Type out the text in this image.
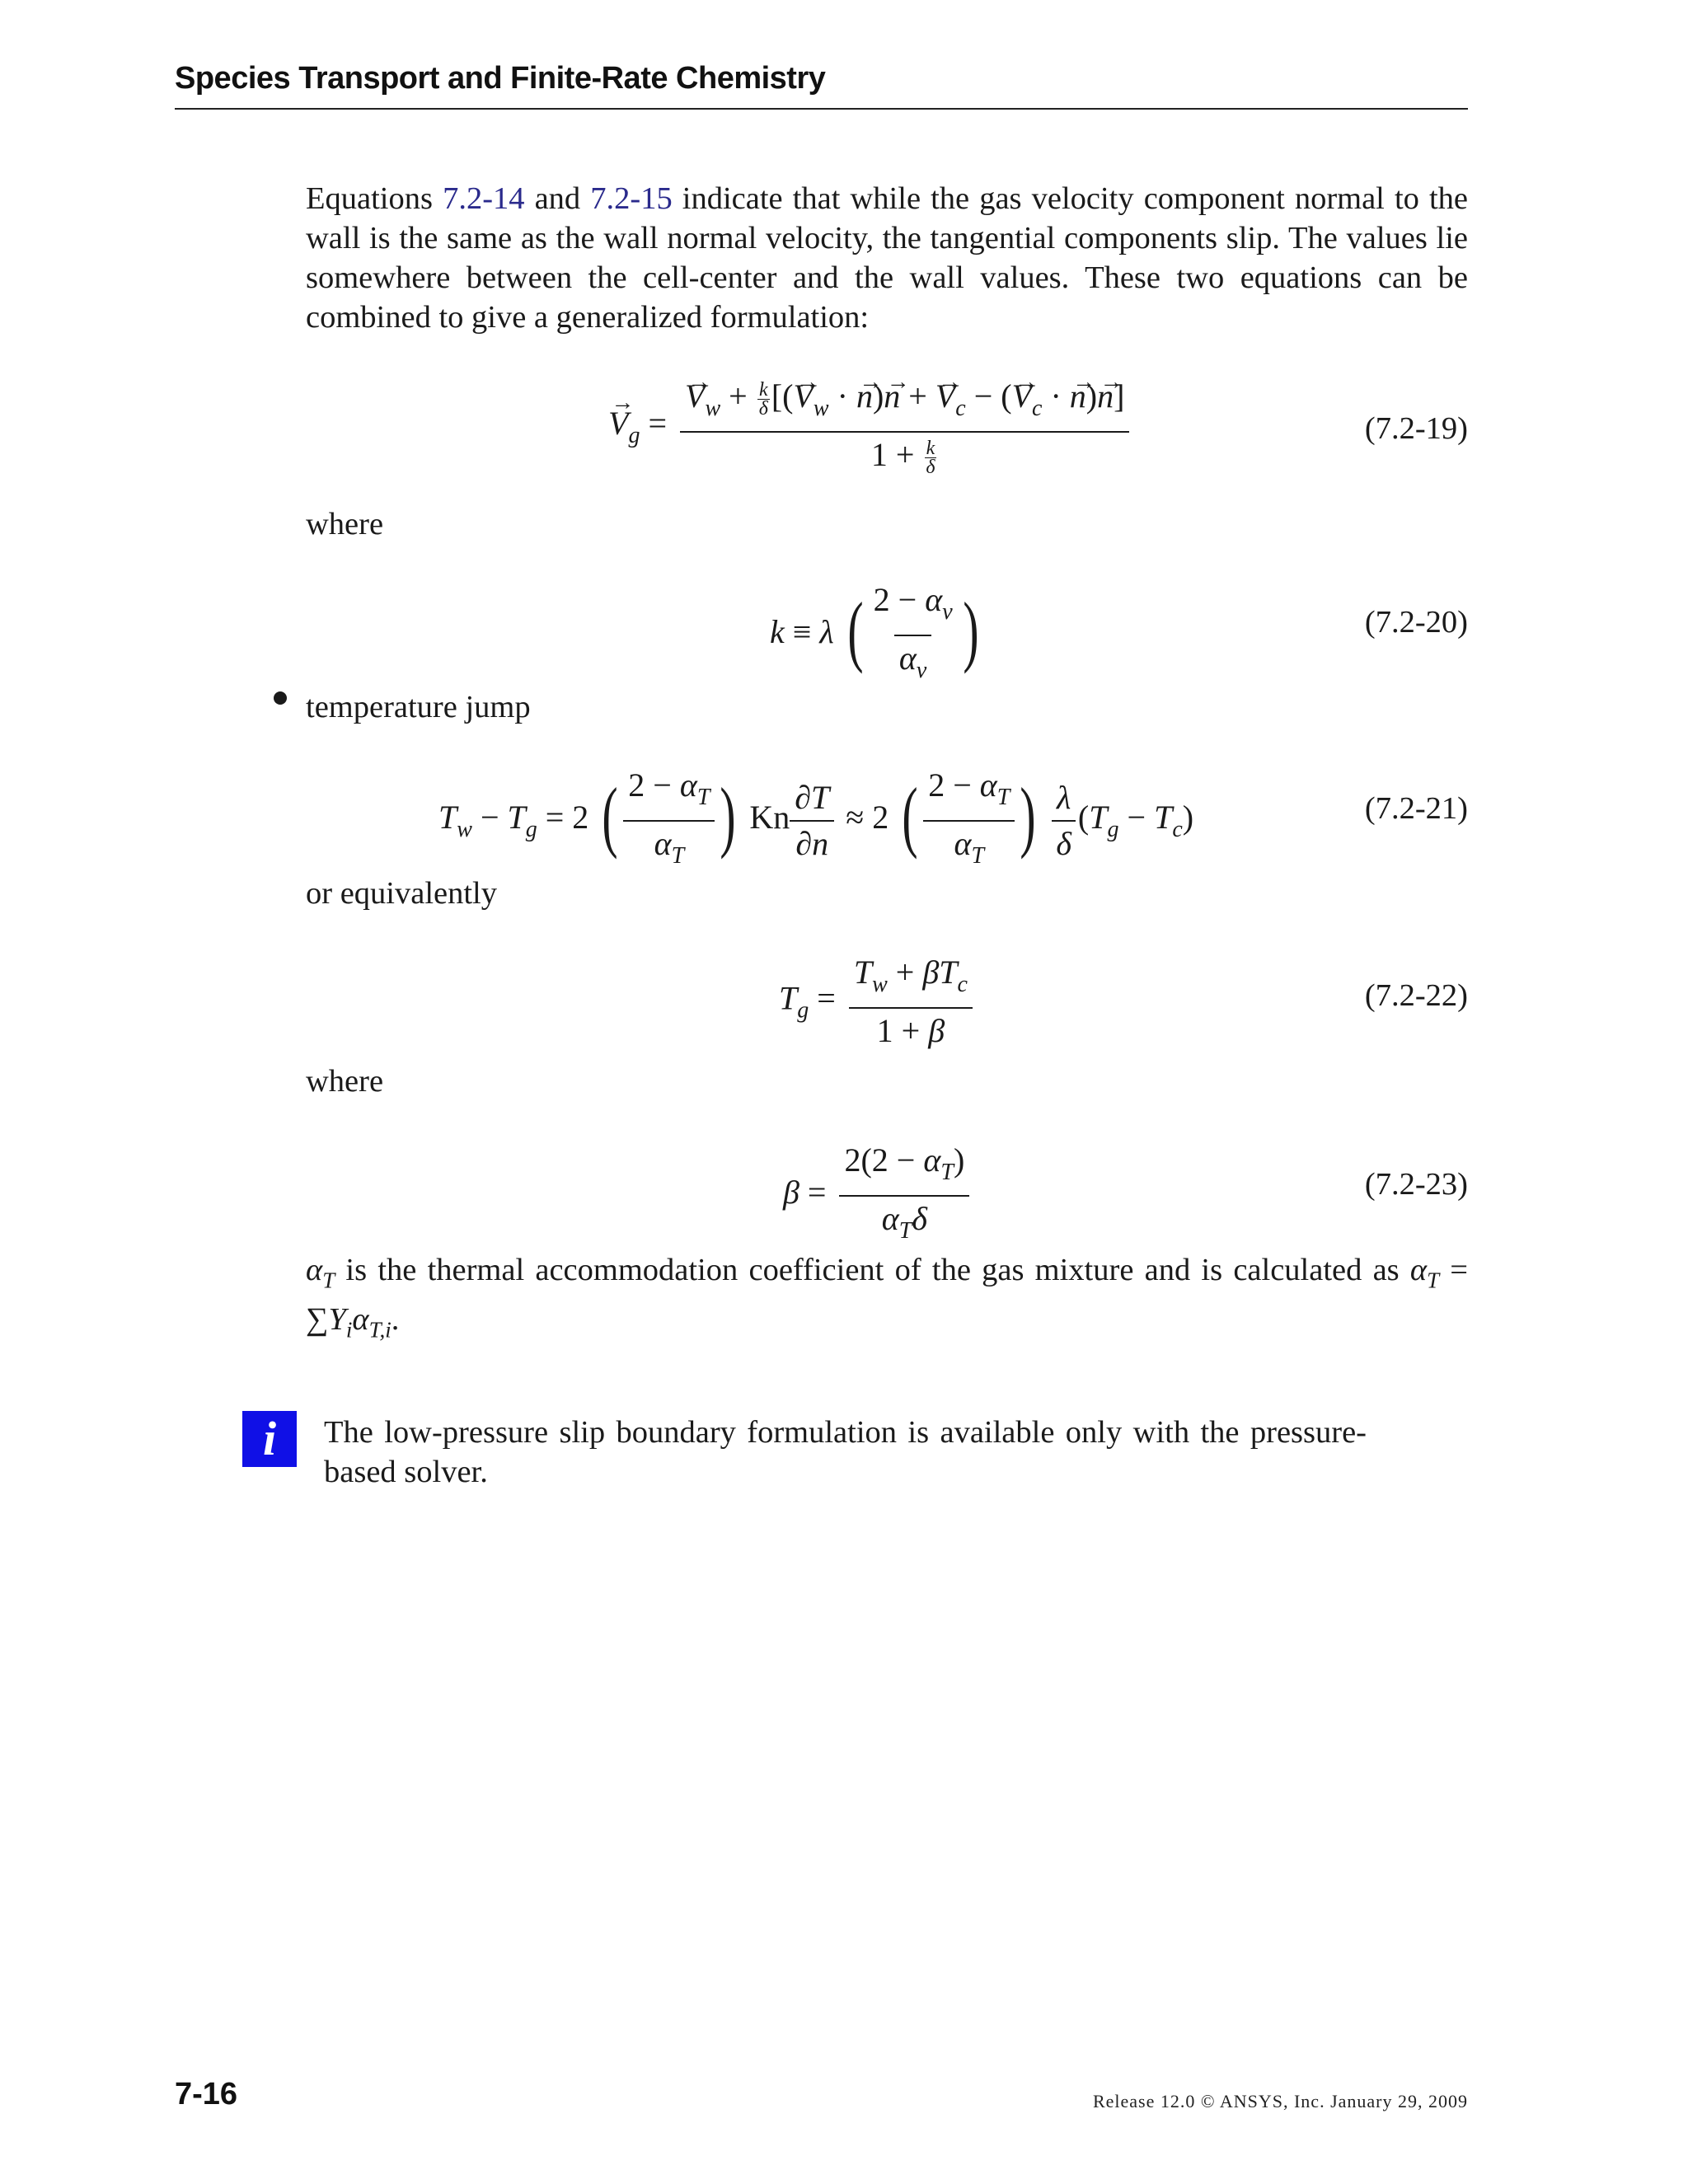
Species Transport and Finite-Rate Chemistry
Equations 7.2-14 and 7.2-15 indicate that while the gas velocity component normal to the wall is the same as the wall normal velocity, the tangential components slip. The values lie somewhere between the cell-center and the wall values. These two equations can be combined to give a generalized formulation:
→ $V_g$ =
→ $\frac{V_w + \frac{k}{\delta} [(\to V_w \cdot \to n)\to n + \to V_c - (\to V_c \cdot \to n)\to n]}{1 + \frac{k}{\delta}}$	(7.2-19)
where
k ≡ λ ( $\frac{2 - \alpha_v}{\alpha_v}$ )	(7.2-20)
temperature jump
$T_w - T_g = 2$ ( $\frac{2 - \alpha_T}{\alpha_T}$ ) Kn $\frac{\partial T}{\partial n} \approx 2$ ( $\frac{2 - \alpha_T}{\alpha_T}$ ) $\frac{\lambda}{\delta} (T_g - T_c)$	(7.2-21)
or equivalently
$T_g = \frac{T_w + \beta T_c}{1 + \beta}$	(7.2-22)
where
$\beta = \frac{2(2 - \alpha_T)}{\alpha_T\delta}$	(7.2-23)
$\alpha_T$ is the thermal accommodation coefficient of the gas mixture and is calculated as $\alpha_T = \sum Y_i\alpha_{T,i}$.
i	The low-pressure slip boundary formulation is available only with the pressure-based solver.
7-16	Release 12.0 © ANSYS, Inc. January 29, 2009
